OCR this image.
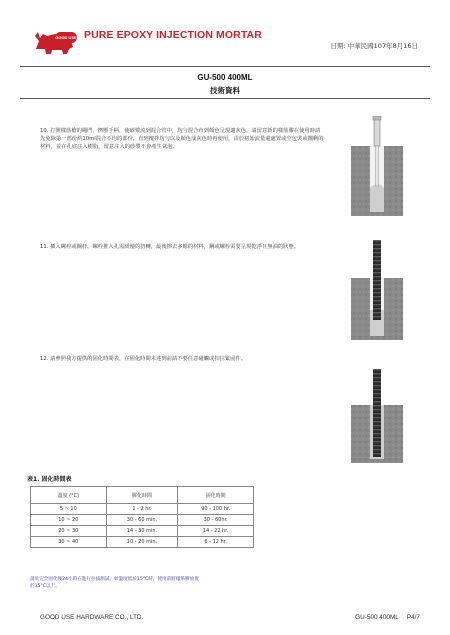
GOOD USE PURE EPOXY INJECTION MORTAR
日期: 中華民國107年8月16日
GU-500 400ML
技術資料
10. 打開樣筋槍的閥門，擠壓手柄，使砂漿流到混合管中，均勻混合直到顏色呈現適灰色，請留意新的樣筋膠在使用時請先免除第一部份約10ml混合不均的部份，直到攪拌均勻以及顏色成灰色時再使用，由於初始流量還處置或空包裝或擱剩的材料，並在孔底注入樹脂，留意注入的砂漿不會產生氣泡。
11. 插入螺栓或鋼杆，螺栓推入孔需緩慢的扭轉，最後擦去多餘的材料，鋼或螺栓需要呈現乾淨且無油的狀態。
12. 請參照我方提供的固化時間表，在固化時間未達到前請不要任意碰觸或扣拉緊固件。
表1. 固化時間表
溫度 (°C)	膠化時間	固化時間
5 ~ 10	1 - 2 hr.	90 - 100 hr.
10 ~ 20	30 - 60 min.	30 - 60hr.
20 ~ 30	14 - 30 min.	14 - 22 hr.
30 ~ 40	10 - 20 min.	6 - 12 hr.
請於完全固化後24小時在進行拉拔測試，如溫度低於15°C時，使用前將樣筋膠放置於15°C以上。
GOOD USE HARDWARE CO., LTD.	GU-500 400ML P4/7
